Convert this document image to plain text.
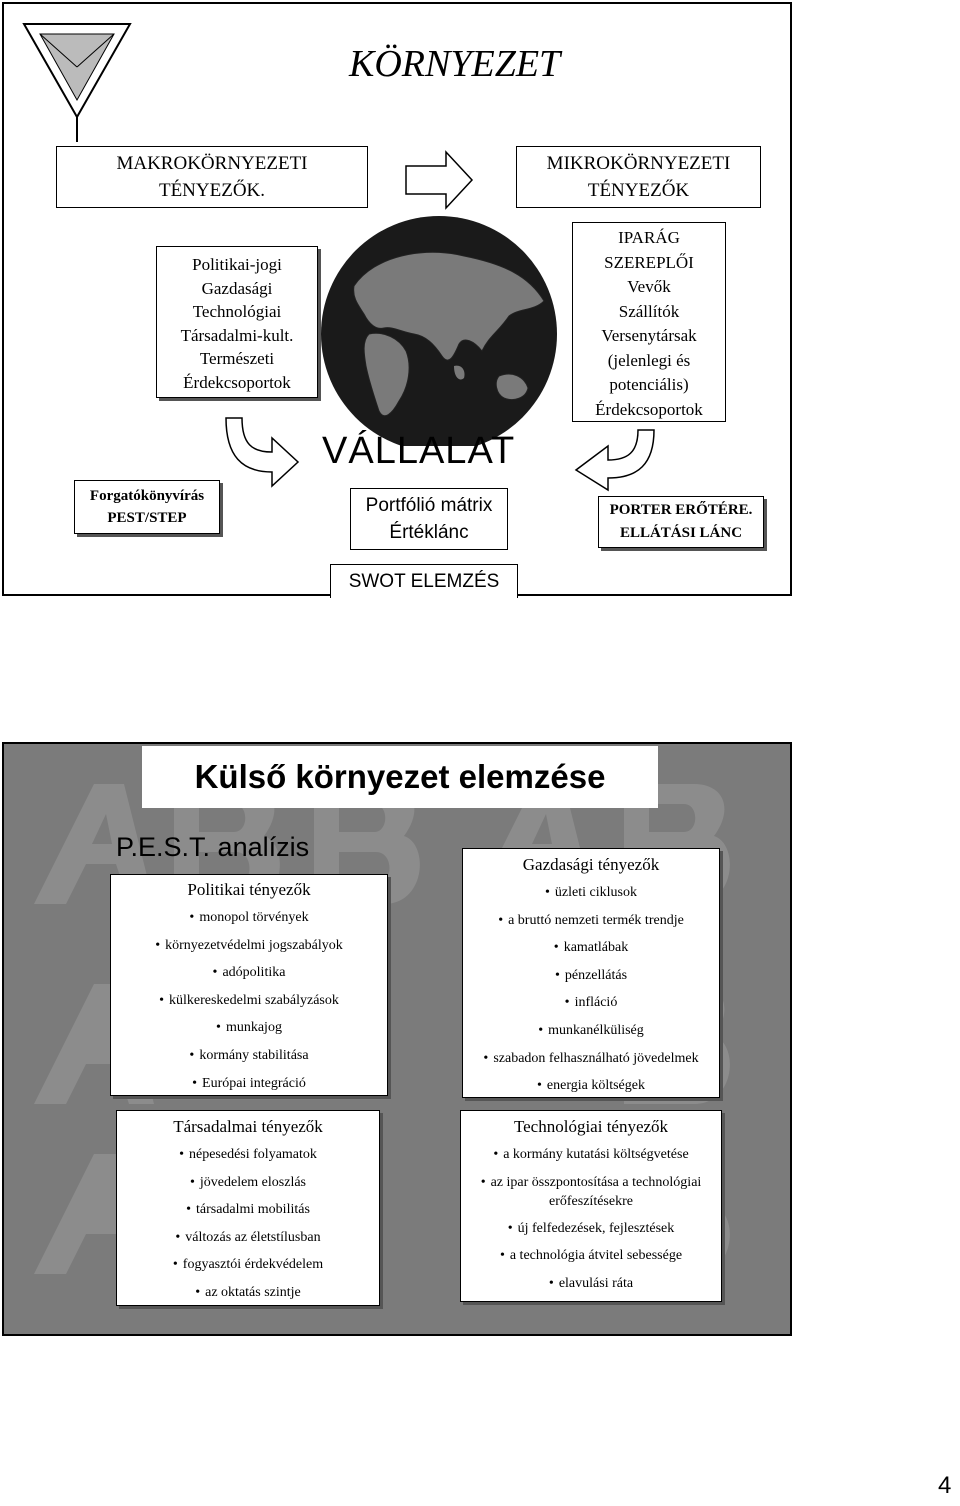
KÖRNYEZET
MAKROKÖRNYEZETI
TÉNYEZŐK.
MIKROKÖRNYEZETI
TÉNYEZŐK
Politikai-jogi
Gazdasági
Technológiai
Társadalmi-kult.
Természeti
Érdekcsoportok
IPARÁG
SZEREPLŐI
Vevők
Szállítók
Versenytársak
(jelenlegi és
potenciális)
Érdekcsoportok
VÁLLALAT
Forgatókönyvírás
PEST/STEP
Portfólió mátrix
Értéklánc
PORTER ERŐTÉRE.
ELLÁTÁSI LÁNC
SWOT ELEMZÉS
Külső környezet elemzése
P.E.S.T. analízis
Politikai tényezők
• monopol törvények
• környezetvédelmi jogszabályok
• adópolitika
• külkereskedelmi szabályzások
• munkajog
• kormány stabilitása
• Európai integráció
Gazdasági tényezők
• üzleti ciklusok
• a bruttó nemzeti termék trendje
• kamatlábak
• pénzellátás
• infláció
• munkanélküliség
• szabadon felhasználható jövedelmek
• energia költségek
Társadalmai tényezők
• népesedési folyamatok
• jövedelem eloszlás
• társadalmi mobilitás
• változás az életstílusban
• fogyasztói érdekvédelem
• az oktatás szintje
Technológiai tényezők
• a kormány kutatási költségvetése
• az ipar összpontosítása a technológiai erőfeszítésekre
• új felfedezések, fejlesztések
• a technológia átvitel sebessége
• elavulási ráta
4
